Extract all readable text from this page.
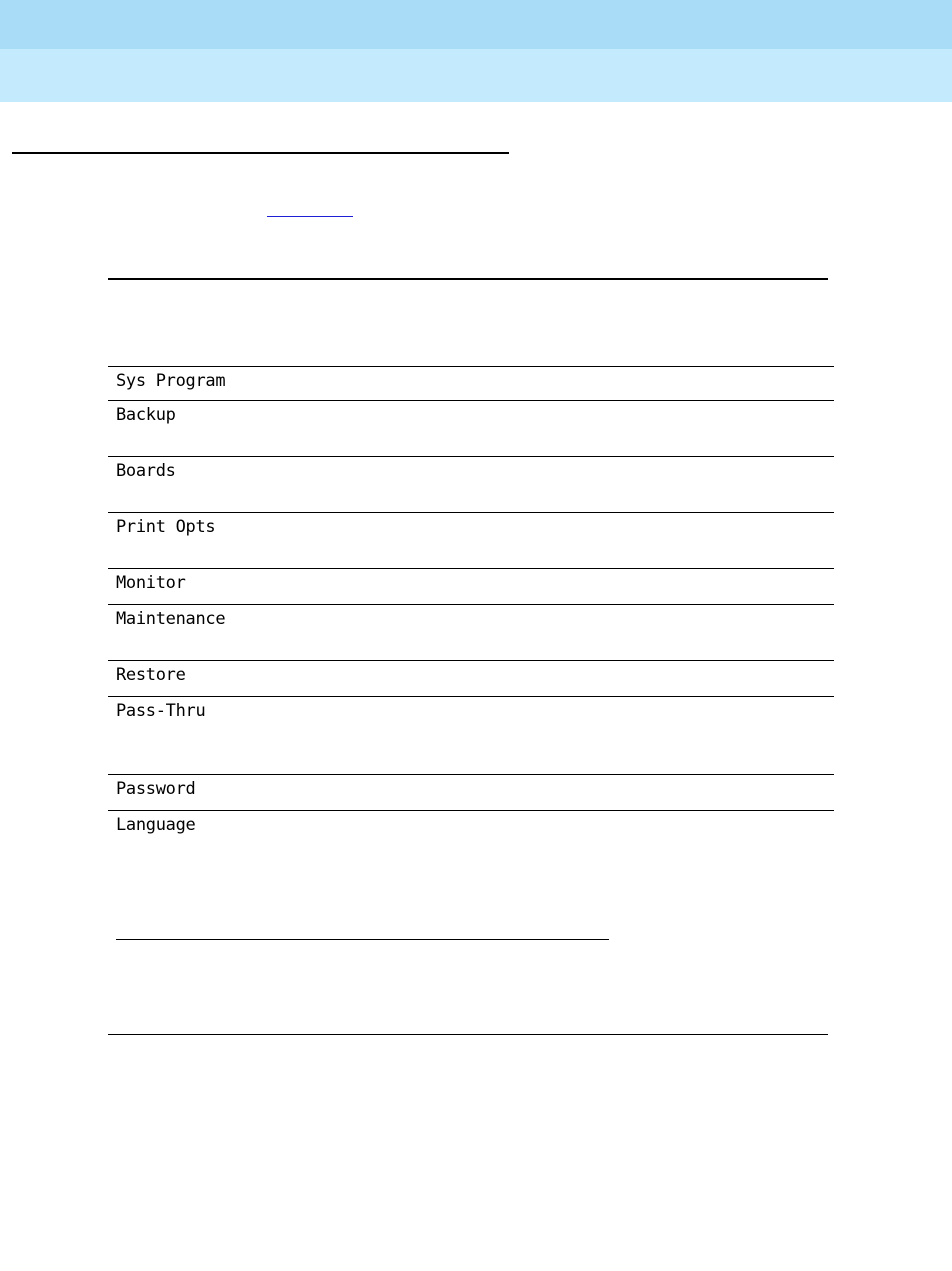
Sys Program
Backup
Boards
Print Opts
Monitor
Maintenance
Restore
Pass-Thru
Password
Language
